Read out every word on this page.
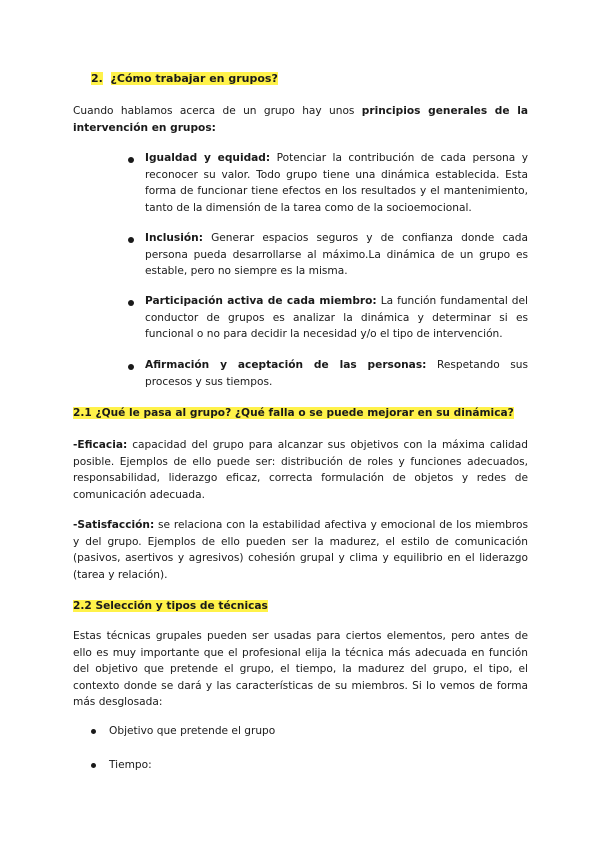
2. ¿Cómo trabajar en grupos?
Cuando hablamos acerca de un grupo hay unos principios generales de la intervención en grupos:
Igualdad y equidad: Potenciar la contribución de cada persona y reconocer su valor. Todo grupo tiene una dinámica establecida. Esta forma de funcionar tiene efectos en los resultados y el mantenimiento, tanto de la dimensión de la tarea como de la socioemocional.
Inclusión: Generar espacios seguros y de confianza donde cada persona pueda desarrollarse al máximo.La dinámica de un grupo es estable, pero no siempre es la misma.
Participación activa de cada miembro: La función fundamental del conductor de grupos es analizar la dinámica y determinar si es funcional o no para decidir la necesidad y/o el tipo de intervención.
Afirmación y aceptación de las personas: Respetando sus procesos y sus tiempos.
2.1 ¿Qué le pasa al grupo? ¿Qué falla o se puede mejorar en su dinámica?
-Eficacia: capacidad del grupo para alcanzar sus objetivos con la máxima calidad posible. Ejemplos de ello puede ser: distribución de roles y funciones adecuados, responsabilidad, liderazgo eficaz, correcta formulación de objetos y redes de comunicación adecuada.
-Satisfacción: se relaciona con la estabilidad afectiva y emocional de los miembros y del grupo. Ejemplos de ello pueden ser la madurez, el estilo de comunicación (pasivos, asertivos y agresivos) cohesión grupal y clima y equilibrio en el liderazgo (tarea y relación).
2.2 Selección y tipos de técnicas
Estas técnicas grupales pueden ser usadas para ciertos elementos, pero antes de ello es muy importante que el profesional elija la técnica más adecuada en función del objetivo que pretende el grupo, el tiempo, la madurez del grupo, el tipo, el contexto donde se dará y las características de su miembros. Si lo vemos de forma más desglosada:
Objetivo que pretende el grupo
Tiempo:
